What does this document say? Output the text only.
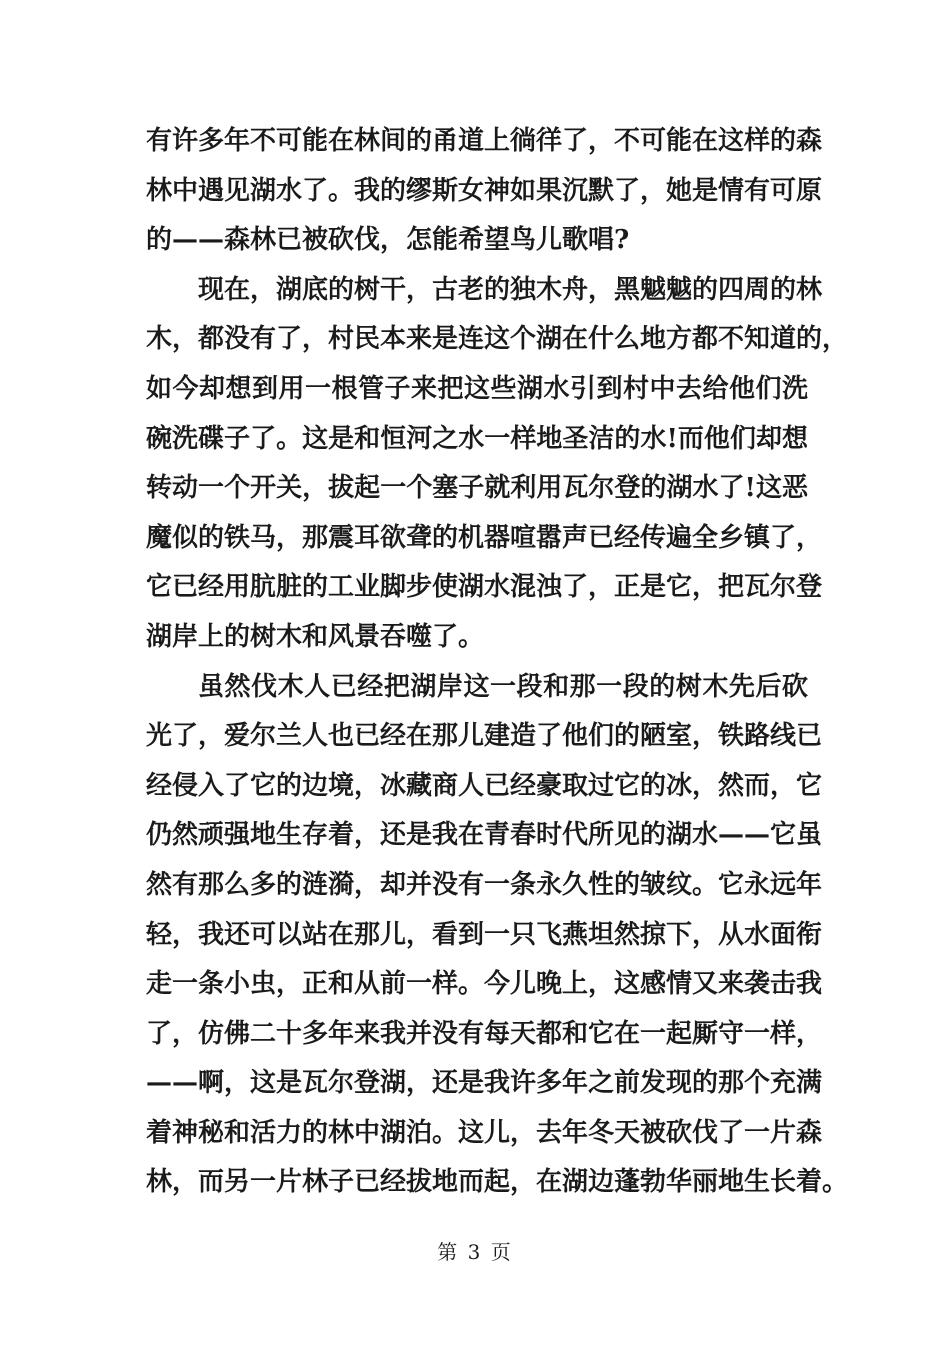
有许多年不可能在林间的甬道上徜徉了，不可能在这样的森
林中遇见湖水了。我的缪斯女神如果沉默了，她是情有可原
的——森林已被砍伐，怎能希望鸟儿歌唱?
现在，湖底的树干，古老的独木舟，黑魆魆的四周的林
木，都没有了，村民本来是连这个湖在什么地方都不知道的，
如今却想到用一根管子来把这些湖水引到村中去给他们洗
碗洗碟子了。这是和恒河之水一样地圣洁的水!而他们却想
转动一个开关，拔起一个塞子就利用瓦尔登的湖水了!这恶
魔似的铁马，那震耳欲聋的机器喧嚣声已经传遍全乡镇了，
它已经用肮脏的工业脚步使湖水混浊了，正是它，把瓦尔登
湖岸上的树木和风景吞噬了。
虽然伐木人已经把湖岸这一段和那一段的树木先后砍
光了，爱尔兰人也已经在那儿建造了他们的陋室，铁路线已
经侵入了它的边境，冰藏商人已经豪取过它的冰，然而，它
仍然顽强地生存着，还是我在青春时代所见的湖水——它虽
然有那么多的涟漪，却并没有一条永久性的皱纹。它永远年
轻，我还可以站在那儿，看到一只飞燕坦然掠下，从水面衔
走一条小虫，正和从前一样。今儿晚上，这感情又来袭击我
了，仿佛二十多年来我并没有每天都和它在一起厮守一样，
——啊，这是瓦尔登湖，还是我许多年之前发现的那个充满
着神秘和活力的林中湖泊。这儿，去年冬天被砍伐了一片森
林，而另一片林子已经拔地而起，在湖边蓬勃华丽地生长着。
第 3 页
